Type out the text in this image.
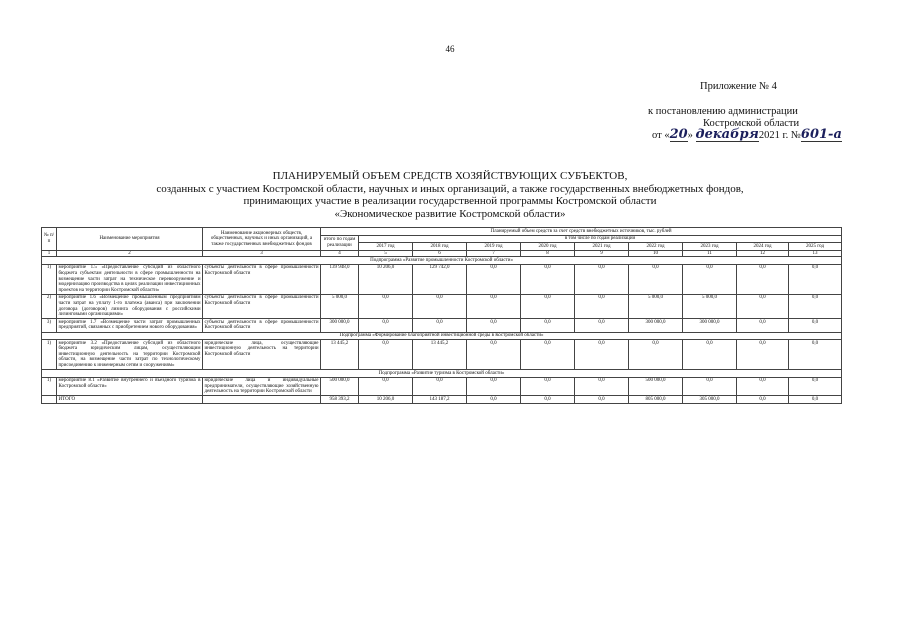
46
Приложение № 4
к постановлению администрации
Костромской области
от «20» декабря2021 г. №601-а
ПЛАНИРУЕМЫЙ ОБЪЕМ СРЕДСТВ ХОЗЯЙСТВУЮЩИХ СУБЪЕКТОВ,
созданных с участием Костромской области, научных и иных организаций, а также государственных внебюджетных фондов,
принимающих участие в реализации государственной программы Костромской области
«Экономическое развитие Костромской области»
№ п/п	Наименование мероприятия	Наименование акционерных обществ, общественных, научных и иных организаций, а также государственных внебюджетных фондов	Планируемый объем средств за счет средств внебюджетных источников, тыс. рублей									
			итого по годам реализации	в том числе по годам реализации								
				2017 год	2018 год	2019 год	2020 год	2021 год	2022 год	2023 год	2024 год	2025 год
1	2	3	4	5	6	7	8	9	10	11	12	13
Подпрограмма «Развитие промышленности Костромской области»												
1)	мероприятие 1.5 «Предоставление субсидий из областного бюджета субъектам деятельности в сфере промышленности на возмещение части затрат на техническое перевооружение и модернизацию производства в целях реализации инвестиционных проектов на территории Костромской области»	субъекты деятельности в сфере промышленности Костромской области	139 948,0	10 206,0	129 742,0	0,0	0,0	0,0	0,0	0,0	0,0	0,0
2)	мероприятие 1.6 «Возмещение промышленным предприятиям части затрат на уплату 1-го платежа (аванса) при заключении договора (договоров) лизинга оборудования с российскими лизинговыми организациями»	субъекты деятельности в сфере промышленности Костромской области	5 000,0	0,0	0,0	0,0	0,0	0,0	5 000,0	5 000,0	0,0	0,0
3)	мероприятие 1.7 «Возмещение части затрат промышленных предприятий, связанных с приобретением нового оборудования»	субъекты деятельности в сфере промышленности Костромской области	300 000,0	0,0	0,0	0,0	0,0	0,0	300 000,0	300 000,0	0,0	0,0
Подпрограмма «Формирование благоприятной инвестиционной среды в Костромской области»												
1)	мероприятие 3.2 «Предоставление субсидий из областного бюджета юридическим лицам, осуществляющим инвестиционную деятельность на территории Костромской области, на возмещение части затрат по технологическому присоединению к инженерным сетям и сооружениям»	юридические лица, осуществляющие инвестиционную деятельность на территории Костромской области	13 445,2	0,0	13 445,2	0,0	0,0	0,0	0,0	0,0	0,0	0,0
Подпрограмма «Развитие туризма в Костромской области»												
1)	мероприятие 8.1 «Развитие внутреннего и въездного туризма в Костромской области»	юридические лица и индивидуальные предприниматели, осуществляющие хозяйственную деятельность на территории Костромской области	500 000,0	0,0	0,0	0,0	0,0	0,0	500 000,0	0,0	0,0	0,0
	ИТОГО		958 393,2	10 206,0	143 187,2	0,0	0,0	0,0	805 000,0	305 000,0	0,0	0,0
